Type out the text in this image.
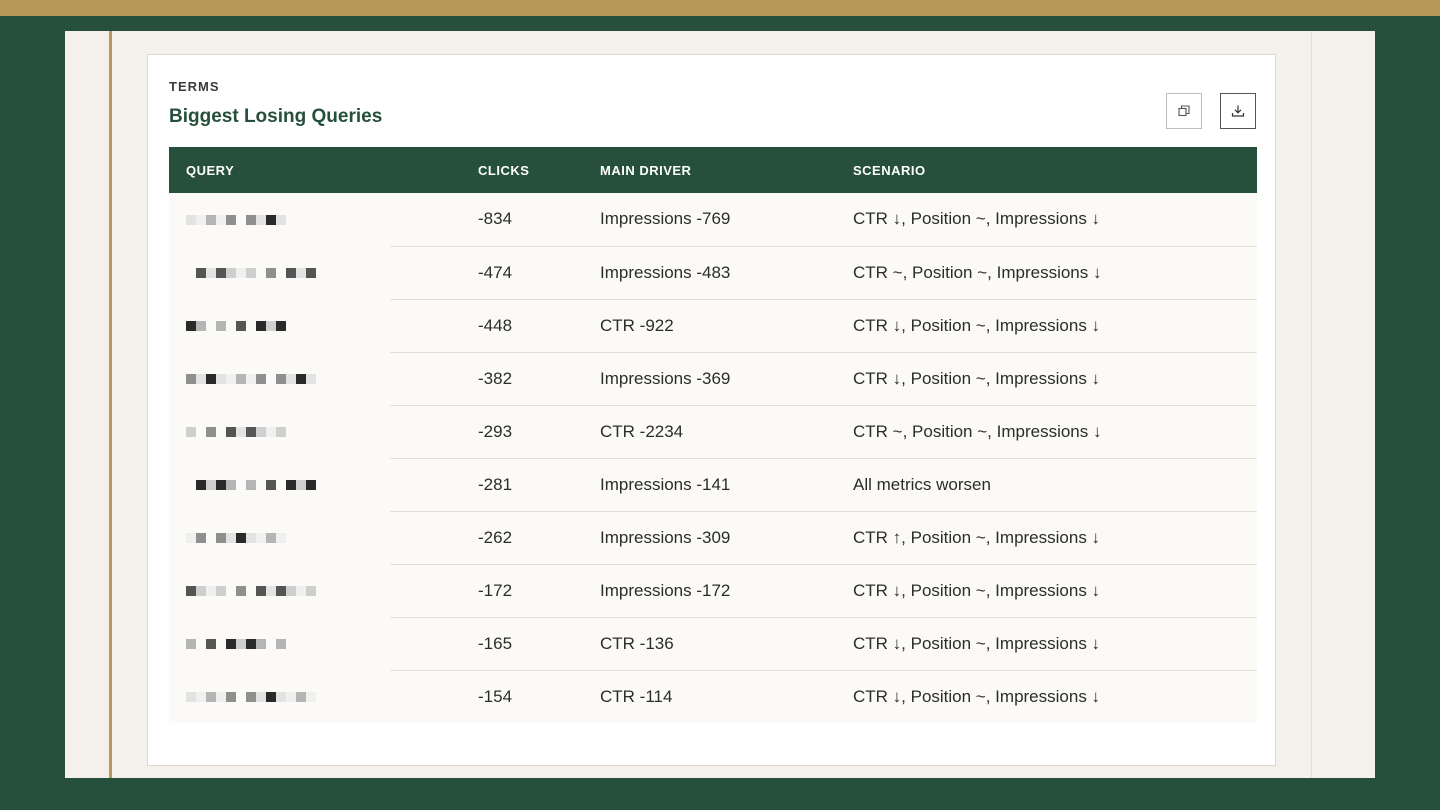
TERMS
Biggest Losing Queries
QUERY	CLICKS	MAIN DRIVER	SCENARIO

	-834	Impressions -769	CTR ↓, Position ~, Impressions ↓

	-474	Impressions -483	CTR ~, Position ~, Impressions ↓

	-448	CTR -922	CTR ↓, Position ~, Impressions ↓

	-382	Impressions -369	CTR ↓, Position ~, Impressions ↓

	-293	CTR -2234	CTR ~, Position ~, Impressions ↓

	-281	Impressions -141	All metrics worsen

	-262	Impressions -309	CTR ↑, Position ~, Impressions ↓

	-172	Impressions -172	CTR ↓, Position ~, Impressions ↓

	-165	CTR -136	CTR ↓, Position ~, Impressions ↓

	-154	CTR -114	CTR ↓, Position ~, Impressions ↓
